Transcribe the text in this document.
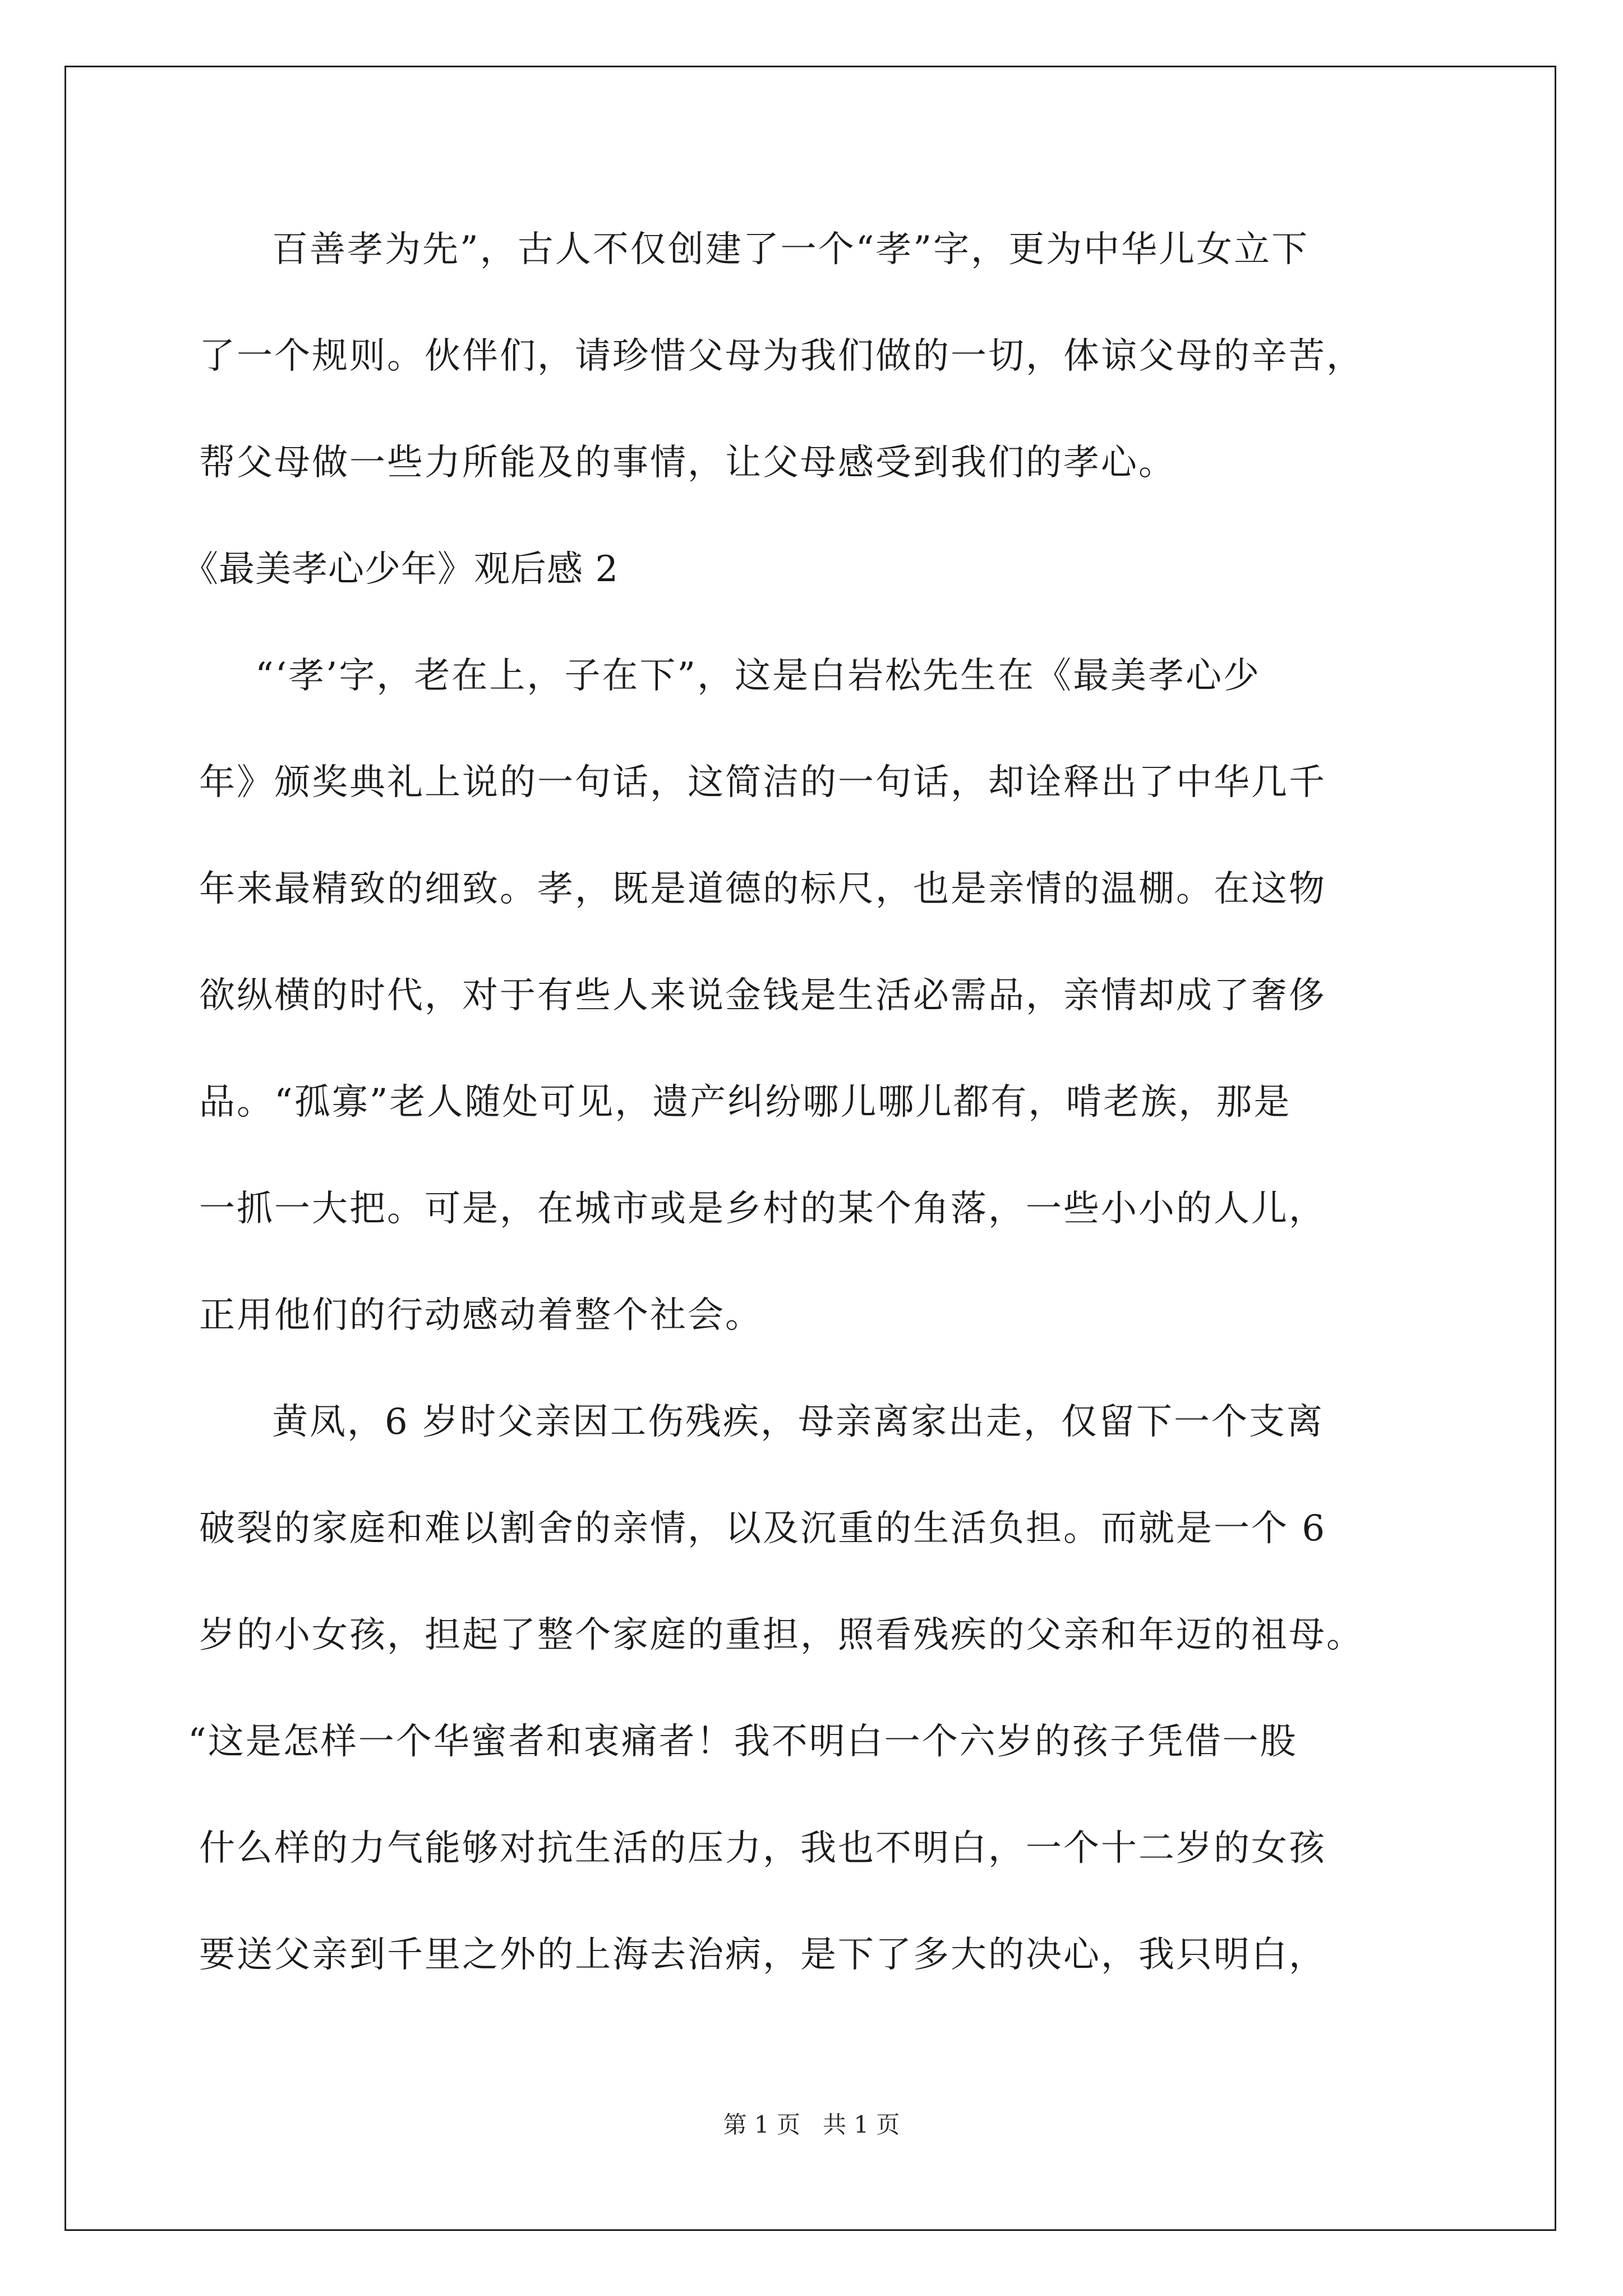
百善孝为先”，古人不仅创建了一个“孝”字，更为中华儿女立下
了一个规则。伙伴们，请珍惜父母为我们做的一切，体谅父母的辛苦，
帮父母做一些力所能及的事情，让父母感受到我们的孝心。
《最美孝心少年》观后感 2
“‘孝’字，老在上，子在下”，这是白岩松先生在《最美孝心少
年》颁奖典礼上说的一句话，这简洁的一句话，却诠释出了中华几千
年来最精致的细致。孝，既是道德的标尺，也是亲情的温棚。在这物
欲纵横的时代，对于有些人来说金钱是生活必需品，亲情却成了奢侈
品。“孤寡”老人随处可见，遗产纠纷哪儿哪儿都有，啃老族，那是
一抓一大把。可是，在城市或是乡村的某个角落，一些小小的人儿，
正用他们的行动感动着整个社会。
黄凤，6 岁时父亲因工伤残疾，母亲离家出走，仅留下一个支离
破裂的家庭和难以割舍的亲情，以及沉重的生活负担。而就是一个 6
岁的小女孩，担起了整个家庭的重担，照看残疾的父亲和年迈的祖母。
“这是怎样一个华蜜者和衷痛者！我不明白一个六岁的孩子凭借一股
什么样的力气能够对抗生活的压力，我也不明白，一个十二岁的女孩
要送父亲到千里之外的上海去治病，是下了多大的决心，我只明白，
第 1 页 共 1 页
